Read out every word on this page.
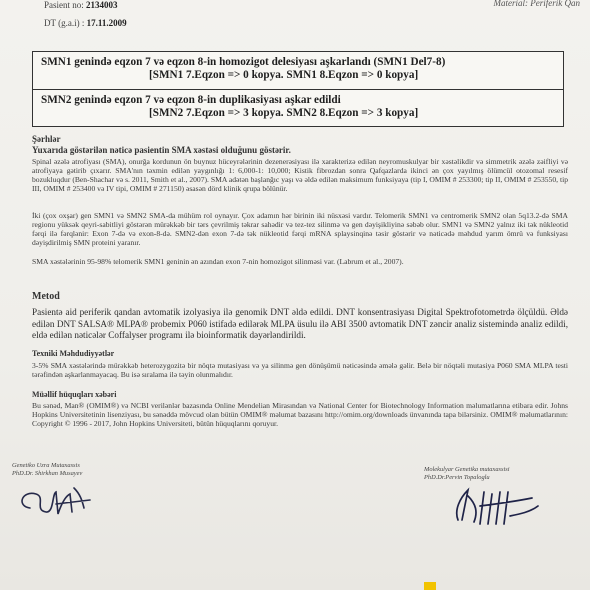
Pasient no: 2134003	Material: Periferik Qan
DT (g.a.i) : 17.11.2009
SMN1 genində eqzon 7 və eqzon 8-in homozigot delesiyası aşkarlandı (SMN1 Del7-8)
[SMN1 7.Eqzon => 0 kopya. SMN1 8.Eqzon => 0 kopya]
SMN2 genində eqzon 7 və eqzon 8-in duplikasiyası aşkar edildi
[SMN2 7.Eqzon => 3 kopya. SMN2 8.Eqzon => 3 kopya]
Şərhlər
Yuxarıda göstərilən nəticə pasientin SMA xəstəsi olduğunu göstərir.
Spinal əzələ atrofiyası (SMA), onurğa kordunun ön buynuz hüceyrələrinin dezenerəsiyası ilə xarakterizə edilən neyromuskulyar bir xəstəlikdir və simmetrik əzələ zəifliyi və atrofiyaya gətirib çıxarır. SMA'nın təxmin edilən yaygınlığı 1: 6,000-1: 10,000; Kistik fibrozdan sonra Qafqazlarda ikinci ən çox yayılmış ölümcül otozomal resesif bozukluqdur (Ben-Shachar və s. 2011, Smith et al., 2007). SMA adətən başlanğıc yaşı və əldə edilən maksimum funksiyaya (tip I, OMIM # 253300; tip II, OMIM # 253550, tip III, OMIM # 253400 və IV tipi, OMIM # 271150) əsasən dörd klinik qrupa bölünür.
İki (çox oxşar) gen SMN1 və SMN2 SMA-da mühüm rol oynayır. Çox adamın hər birinin iki nüsxəsi vardır. Telomerik SMN1 və centromerik SMN2 olan 5q13.2-də SMA regionu yüksək qeyri-sabitliyi göstərən mürəkkəb bir tərs çevrilmiş təkrar sahədir və tez-tez silinmə və gen dəyişikliyinə səbəb olur. SMN1 və SMN2 yalnız iki tək nükleotid fərqi ilə fərqlənir: Exon 7-də və exon-8-də. SMN2-dən exon 7-də tək nükleotid fərqi mRNA splaysinqinə təsir göstərir və nəticədə məhdud yarım ömrü və funksiyası dəyişdirilmiş SMN proteini yaranır.
SMA xəstələrinin 95-98% telomerik SMN1 geninin ən azından exon 7-nin homozigot silinməsi var. (Labrum et al., 2007).
Metod
Pasientə aid periferik qandan avtomatik izolyasiya ilə genomik DNT əldə edildi. DNT konsentrasiyası Digital Spektrofotometrdə ölçüldü. Əldə edilən DNT SALSA® MLPA® probemix P060 istifadə edilərək MLPA üsulu ilə ABI 3500 avtomatik DNT zəncir analiz sistemində analiz edildi, eldə edilən nəticələr Coffalyser programı ilə bioinformatik dəyərləndirildi.
Texniki Məhdudiyyətlər
3-5% SMA xəstələrində mürəkkəb heterozygozitə bir nöqtə mutasiyası və ya silinmə gen dönüşümü nəticəsində əmələ gəlir. Belə bir nöqtəli mutasiya P060 SMA MLPA testi tərəfindən aşkarlanmayacaq. Bu isə sıralama ilə təyin olunmalıdır.
Müəllif hüquqları xəbəri
Bu sənəd, Man® (OMIM®) və NCBI verilənlər bazasında Online Mendelian Mirasından və National Center for Biotechnology Information məlumatlarına etibara edir. Johns Hopkins Universitetinin lisenziyası, bu sənəddə mövcud olan bütün OMIM® məlumat bazasını http://omim.org/downloads ünvanında tapa bilərsiniz. OMIM® məlumatlarının: Copyright © 1996 - 2017, John Hopkins Universiteti, bütün hüquqlarını qoruyur.
Genetiko Uzra Mutaxassis
PhD.Dr. Shirkhan Musayev
Molekulyar Genetika mutaxassisi
PhD.Dr.Pervin Topaloglu
